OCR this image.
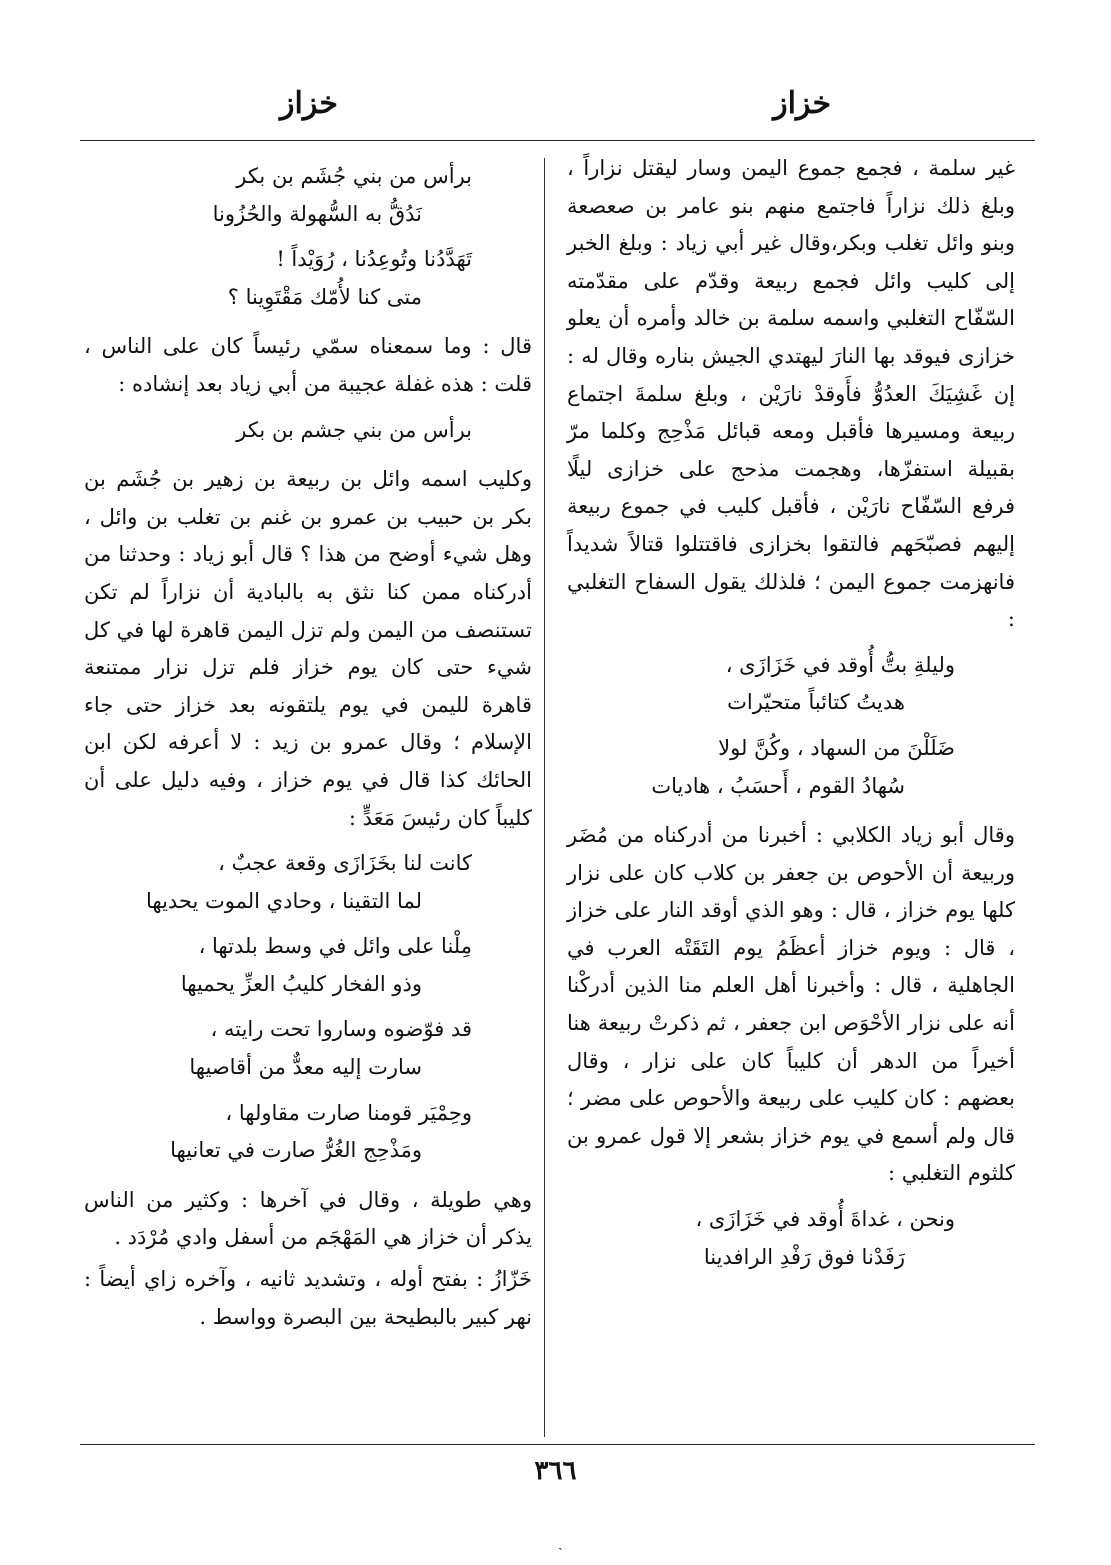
خزاز
خزاز

غير سلمة ، فجمع جموع اليمن وسار ليقتل نزاراً ، وبلغ ذلك نزاراً فاجتمع منهم بنو عامر بن صعصعة وبنو وائل تغلب وبكر،وقال غير أبي زياد : وبلغ الخبر إلى كليب وائل فجمع ربيعة وقدّم على مقدّمته السّفّاح التغلبي واسمه سلمة بن خالد وأمره أن يعلو خزازى فيوقد بها النارَ ليهتدي الجيش بناره وقال له : إن غَشِيَكَ العدُوُّ فأَوقدْ نارَيْن ، وبلغ سلمةَ اجتماع ربيعة ومسيرها فأقبل ومعه قبائل مَذْحِج وكلما مرّ بقبيلة استفزّها، وهجمت مذحج على خزازى ليلًا فرفع السّفّاح نارَيْن ، فأقبل كليب في جموع ربيعة إليهم فصبّحَهم فالتقوا بخزازى فاقتتلوا قتالاً شديداً فانهزمت جموع اليمن ؛ فلذلك يقول السفاح التغلبي :

وليلةِ بتُّ أُوقد في خَزَازَى ،
هديتُ كتائباً متحيّرات
ضَلَلْنَ من السهاد ، وكُنَّ لولا
سُهادُ القوم ، أَحسَبُ ، هاديات

وقال أبو زياد الكلابي : أخبرنا من أدركناه من مُضَر وربيعة أن الأحوص بن جعفر بن كلاب كان على نزار كلها يوم خزاز ، قال : وهو الذي أوقد النار على خزاز ، قال : ويوم خزاز أعظَمُ يوم التَقَتْه العرب في الجاهلية ، قال : وأخبرنا أهل العلم منا الذين أدركْنا أنه على نزار الأحْوَص ابن جعفر ، ثم ذكرتْ ربيعة هنا أخيراً من الدهر أن كليباً كان على نزار ، وقال بعضهم : كان كليب على ربيعة والأحوص على مضر ؛ قال ولم أسمع في يوم خزاز بشعر إلا قول عمرو بن كلثوم التغلبي :

ونحن ، غداةَ أُوقد في خَزَازَى ،
رَفَدْنا فوق رَفْدِ الرافدينا
برأس من بني جُشَم بن بكر
نَدُقُّ به السُّهولة والحُزُونا
تَهَدَّدُنا وتُوعِدُنا ، رُوَيْداً !
متى كنا لأُمّك مَقْتَوِينا ؟

قال : وما سمعناه سمّي رئيساً كان على الناس ، قلت : هذه غفلة عجيبة من أبي زياد بعد إنشاده :

برأس من بني جشم بن بكر

وكليب اسمه وائل بن ربيعة بن زهير بن جُشَم بن بكر بن حبيب بن عمرو بن غنم بن تغلب بن وائل ، وهل شيء أوضح من هذا ؟ قال أبو زياد : وحدثنا من أدركناه ممن كنا نثق به بالبادية أن نزاراً لم تكن تستنصف من اليمن ولم تزل اليمن قاهرة لها في كل شيء حتى كان يوم خزاز فلم تزل نزار ممتنعة قاهرة لليمن في يوم يلتقونه بعد خزاز حتى جاء الإسلام ؛ وقال عمرو بن زيد : لا أعرفه لكن ابن الحائك كذا قال في يوم خزاز ، وفيه دليل على أن كليباً كان رئيسَ مَعَدٍّ :

كانت لنا بخَزَازَى وقعة عجبٌ ،
لما التقينا ، وحادي الموت يحديها
مِلْنا على وائل في وسط بلدتها ،
وذو الفخار كليبُ العزِّ يحميها
قد فوّضوه وساروا تحت رايته ،
سارت إليه معدٌّ من أقاصيها
وحِمْيَر قومنا صارت مقاولها ،
ومَذْحِج الغُرُّ صارت في تعانيها

وهي طويلة ، وقال في آخرها : وكثير من الناس يذكر أن خزاز هي المَهْجَم من أسفل وادي مُرْدَد .

خَزّازُ : بفتح أوله ، وتشديد ثانيه ، وآخره زاي أيضاً : نهر كبير بالبطيحة بين البصرة وواسط .

٣٦٦
ˎ
